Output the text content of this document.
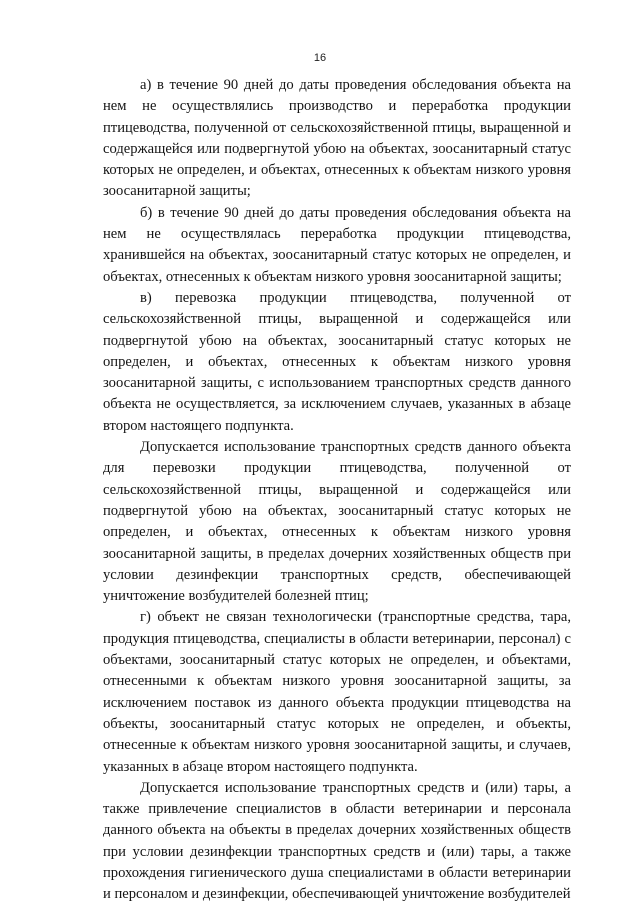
16

а) в течение 90 дней до даты проведения обследования объекта на нем не осуществлялись производство и переработка продукции птицеводства, полученной от сельскохозяйственной птицы, выращенной и содержащейся или подвергнутой убою на объектах, зоосанитарный статус которых не определен, и объектах, отнесенных к объектам низкого уровня зоосанитарной защиты;

б) в течение 90 дней до даты проведения обследования объекта на нем не осуществлялась переработка продукции птицеводства, хранившейся на объектах, зоосанитарный статус которых не определен, и объектах, отнесенных к объектам низкого уровня зоосанитарной защиты;

в) перевозка продукции птицеводства, полученной от сельскохозяйственной птицы, выращенной и содержащейся или подвергнутой убою на объектах, зоосанитарный статус которых не определен, и объектах, отнесенных к объектам низкого уровня зоосанитарной защиты, с использованием транспортных средств данного объекта не осуществляется, за исключением случаев, указанных в абзаце втором настоящего подпункта.

Допускается использование транспортных средств данного объекта для перевозки продукции птицеводства, полученной от сельскохозяйственной птицы, выращенной и содержащейся или подвергнутой убою на объектах, зоосанитарный статус которых не определен, и объектах, отнесенных к объектам низкого уровня зоосанитарной защиты, в пределах дочерних хозяйственных обществ при условии дезинфекции транспортных средств, обеспечивающей уничтожение возбудителей болезней птиц;

г) объект не связан технологически (транспортные средства, тара, продукция птицеводства, специалисты в области ветеринарии, персонал) с объектами, зоосанитарный статус которых не определен, и объектами, отнесенными к объектам низкого уровня зоосанитарной защиты, за исключением поставок из данного объекта продукции птицеводства на объекты, зоосанитарный статус которых не определен, и объекты, отнесенные к объектам низкого уровня зоосанитарной защиты, и случаев, указанных в абзаце втором настоящего подпункта.

Допускается использование транспортных средств и (или) тары, а также привлечение специалистов в области ветеринарии и персонала данного объекта на объекты в пределах дочерних хозяйственных обществ при условии дезинфекции транспортных средств и (или) тары, а также прохождения гигиенического душа специалистами в области ветеринарии и персоналом и дезинфекции, обеспечивающей уничтожение возбудителей
